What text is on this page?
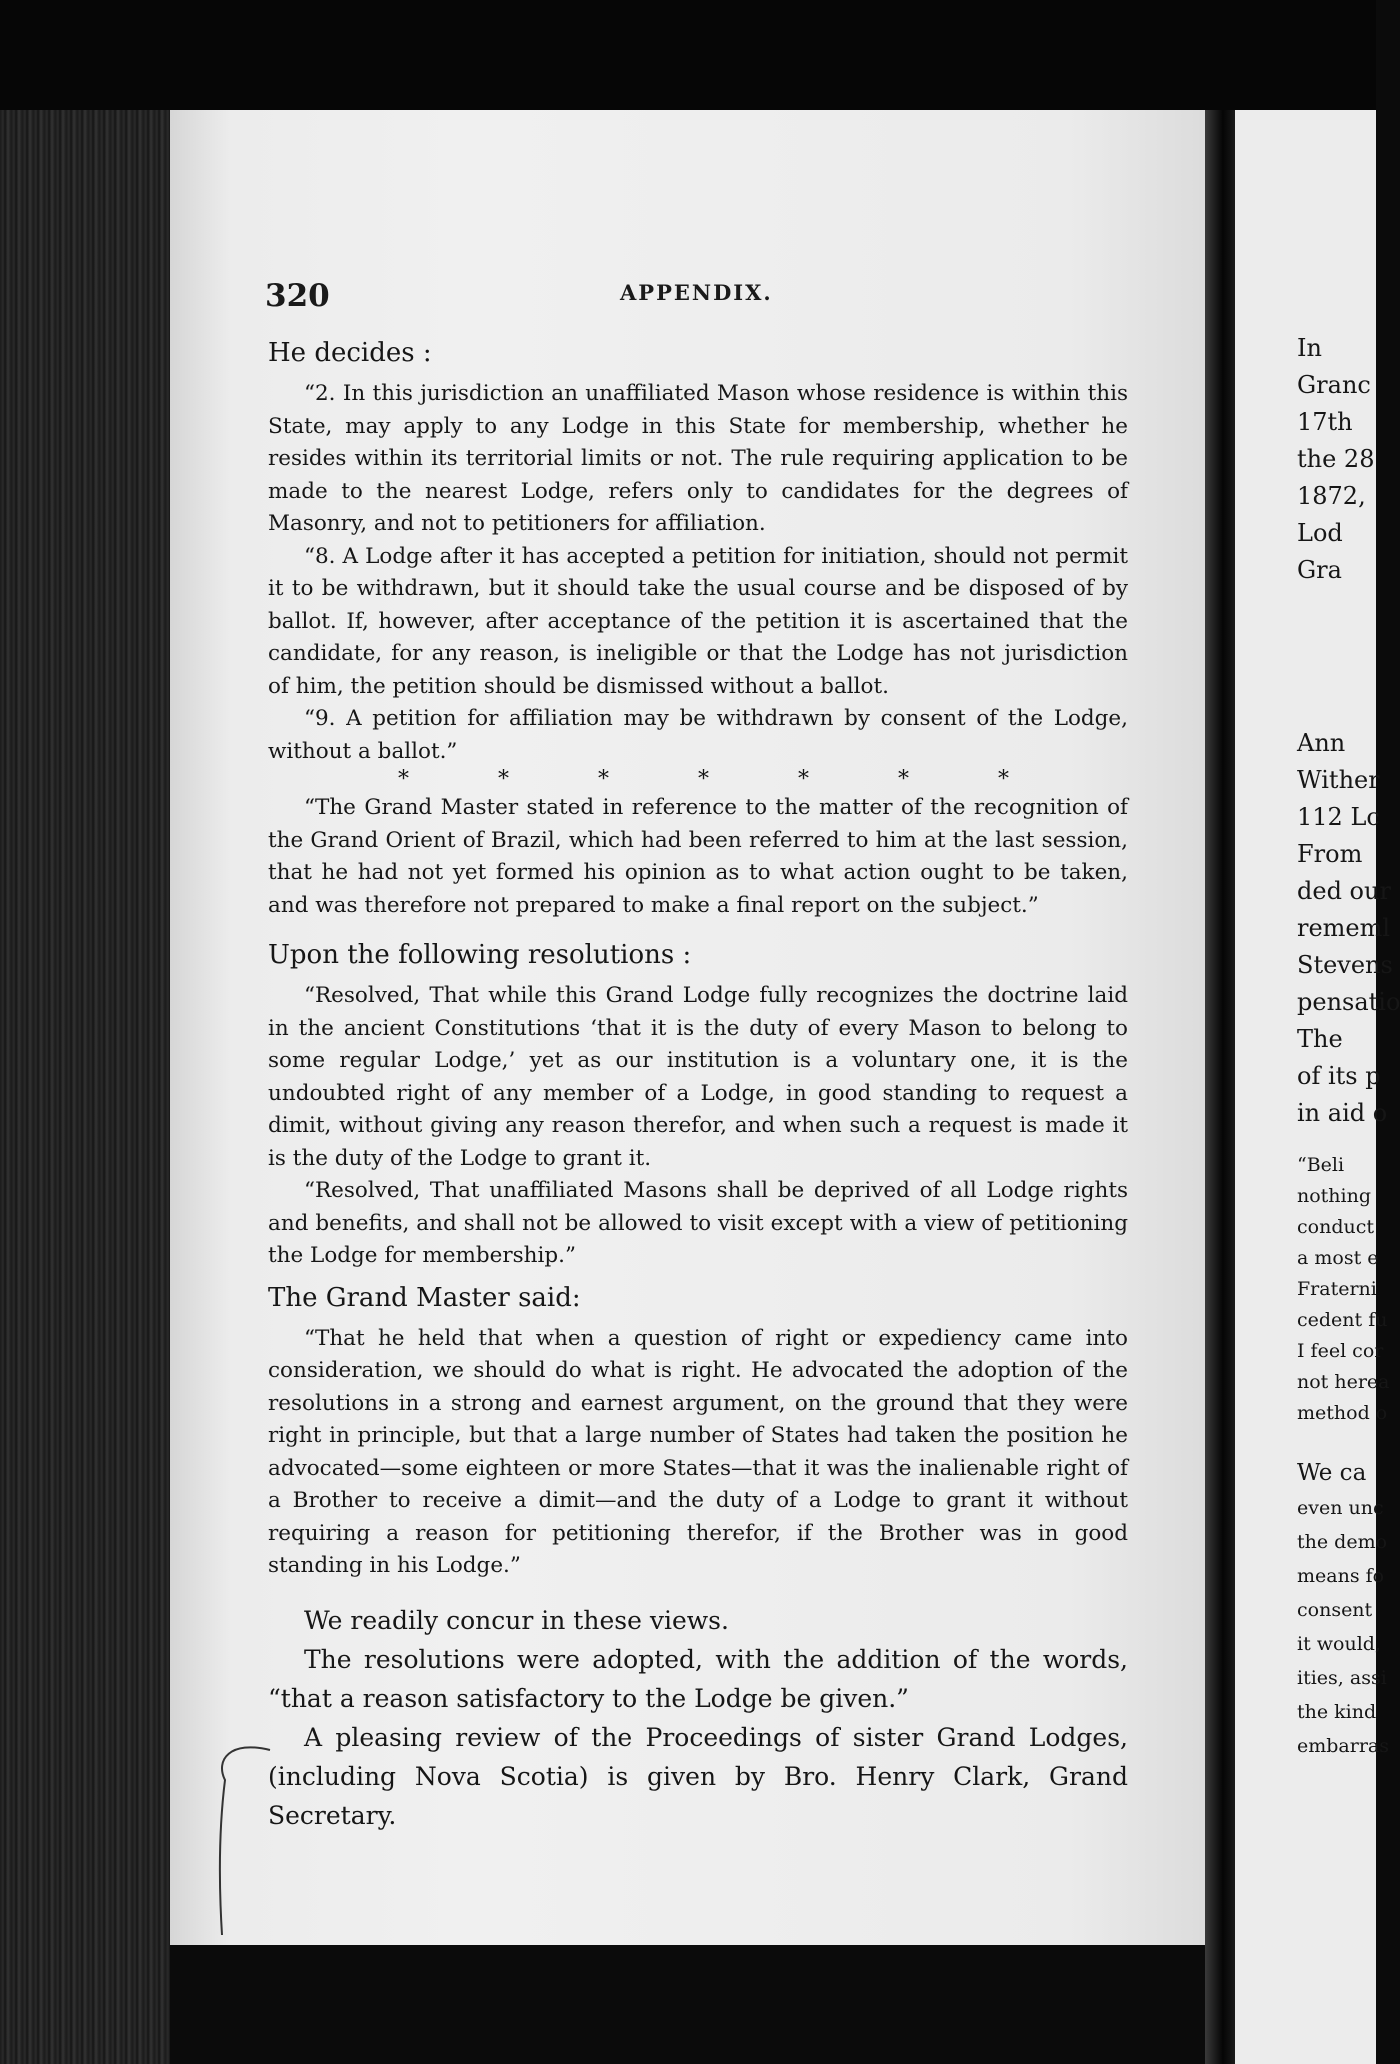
320	APPENDIX.

He decides :

“2. In this jurisdiction an unaffiliated Mason whose residence is within this State, may apply to any Lodge in this State for membership, whether he resides within its territorial limits or not. The rule requiring application to be made to the nearest Lodge, refers only to candidates for the degrees of Masonry, and not to petitioners for affiliation.

“8. A Lodge after it has accepted a petition for initiation, should not permit it to be withdrawn, but it should take the usual course and be disposed of by ballot. If, however, after acceptance of the petition it is ascertained that the candidate, for any reason, is ineligible or that the Lodge has not jurisdiction of him, the petition should be dismissed without a ballot.

“9. A petition for affiliation may be withdrawn by consent of the Lodge, without a ballot.”

* * * * * * *

“The Grand Master stated in reference to the matter of the recognition of the Grand Orient of Brazil, which had been referred to him at the last session, that he had not yet formed his opinion as to what action ought to be taken, and was therefore not prepared to make a final report on the subject.”

Upon the following resolutions :

“Resolved, That while this Grand Lodge fully recognizes the doctrine laid in the ancient Constitutions ‘that it is the duty of every Mason to belong to some regular Lodge,’ yet as our institution is a voluntary one, it is the undoubted right of any member of a Lodge, in good standing to request a dimit, without giving any reason therefor, and when such a request is made it is the duty of the Lodge to grant it.

“Resolved, That unaffiliated Masons shall be deprived of all Lodge rights and benefits, and shall not be allowed to visit except with a view of petitioning the Lodge for membership.”

The Grand Master said:

“That he held that when a question of right or expediency came into consideration, we should do what is right. He advocated the adoption of the resolutions in a strong and earnest argument, on the ground that they were right in principle, but that a large number of States had taken the position he advocated—some eighteen or more States—that it was the inalienable right of a Brother to receive a dimit—and the duty of a Lodge to grant it without requiring a reason for petitioning therefor, if the Brother was in good standing in his Lodge.”

We readily concur in these views.

The resolutions were adopted, with the addition of the words, “that a reason satisfactory to the Lodge be given.”

A pleasing review of the Proceedings of sister Grand Lodges, (including Nova Scotia) is given by Bro. Henry Clark, Grand Secretary.

In
Granc
17th
the 28
1872,
Lod
Gra
Ann
Wither
112 Lc
From
ded our
rememl
Stevens
pensatio
The
of its p
in aid o
“Beli
nothing
conduct
a most e
Fraterni
cedent fu
I feel cor
not herea
method o
We ca
even unc
the demo
means fo
consent
it would,
ities, assi
the kind
embarras
